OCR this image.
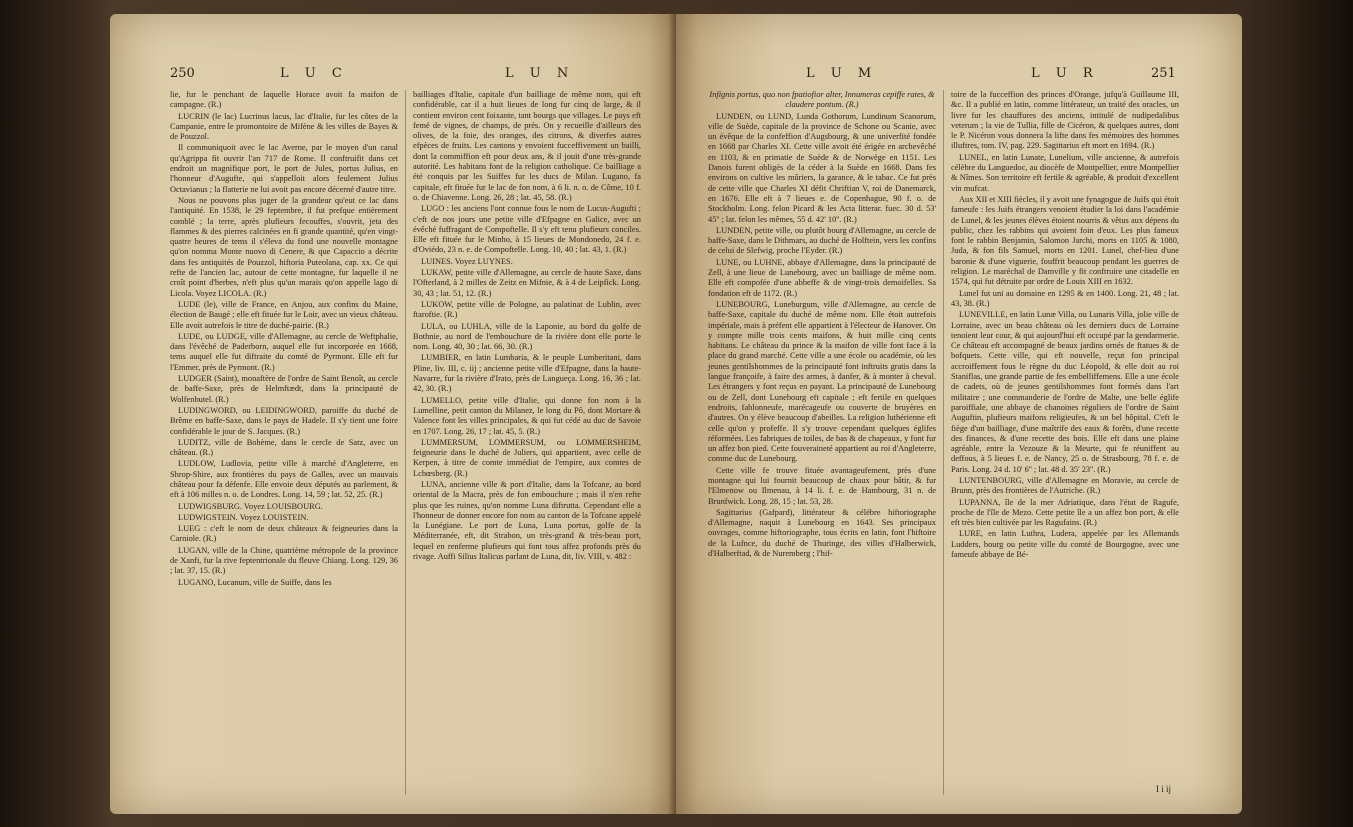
250	L U C	L U N

lie, fur le penchant de laquelle Horace avoit fa maifon de campagne. (R.)

LUCRIN (le lac) Lucrinus lacus, lac d'Italie, fur les côtes de la Campanie, entre le promontoire de Mifène & les villes de Bayes & de Pouzzol.

Il communiquoit avec le lac Averne, par le moyen d'un canal qu'Agrippa fit ouvrir l'an 717 de Rome. Il conftruifit dans cet endroit un magnifique port, le port de Jules, portus Julius, en l'honneur d'Augufte, qui s'appelloit alors feulement Julius Octavianus ; la flatterie ne lui avoit pas encore décerné d'autre titre.

Nous ne pouvons plus juger de la grandeur qu'eut ce lac dans l'antiquité. En 1538, le 29 feptembre, il fut prefque entièrement comblé ; la terre, après plufieurs fecouffes, s'ouvrit, jeta des flammes & des pierres calcinées en fi grande quantité, qu'en vingt-quatre heures de tems il s'éleva du fond une nouvelle montagne qu'on nomma Monte nuovo di Cenere, & que Capaccio a décrite dans fes antiquités de Pouzzol, hiftoria Puteolana, cap. xx. Ce qui refte de l'ancien lac, autour de cette montagne, fur laquelle il ne croît point d'herbes, n'eft plus qu'un marais qu'on appelle lago di Licola. Voyez LICOLA. (R.)

LUDE (le), ville de France, en Anjou, aux confins du Maine, élection de Baugé ; elle eft fituée fur le Loir, avec un vieux château. Elle avoit autrefois le titre de duché-pairie. (R.)

LUDE, ou LUDGE, ville d'Allemagne, au cercle de Weftphalie, dans l'évêché de Paderborn, auquel elle fut incorporée en 1668, tems auquel elle fut diftraite du comté de Pyrmont. Elle eft fur l'Emmer, près de Pyrmont. (R.)

LUDGER (Saint), monaftère de l'ordre de Saint Benoît, au cercle de baffe-Saxe, près de Helmftædt, dans la principauté de Wolfenbutel. (R.)

LUDINGWORD, ou LEIDINGWORD, paroiffe du duché de Brême en baffe-Saxe, dans le pays de Hadele. Il s'y tient une foire confidérable le jour de S. Jacques. (R.)

LUDITZ, ville de Bohème, dans le cercle de Satz, avec un château. (R.)

LUDLOW, Ludlovia, petite ville à marché d'Angleterre, en Shrop-Shire, aux frontières du pays de Galles, avec un mauvais château pour fa défenfe. Elle envoie deux députés au parlement, & eft à 106 milles n. o. de Londres. Long. 14, 59 ; lat. 52, 25. (R.)

LUDWIGSBURG. Voyez LOUISBOURG.

LUDWIGSTEIN. Voyez LOUISTEIN.

LUEG : c'eft le nom de deux châteaux & feigneuries dans la Carniole. (R.)

LUGAN, ville de la Chine, quatrième métropole de la province de Xanfi, fur la rive feptentrionale du fleuve Chiang. Long. 129, 36 ; lat. 37, 15. (R.)

LUGANO, Lucanum, ville de Suiffe, dans les

bailliages d'Italie, capitale d'un bailliage de même nom, qui eft confidérable, car il a huit lieues de long fur cinq de large, & il contient environ cent foixante, tant bourgs que villages. Le pays eft femé de vignes, de champs, de prés. On y recueille d'ailleurs des olives, de la foie, des oranges, des citrons, & diverfes autres efpèces de fruits. Les cantons y envoient fucceffivement un bailli, dont la commiffion eft pour deux ans, & il jouit d'une très-grande autorité. Les habitans font de la religion catholique. Ce bailliage a été conquis par les Suiffes fur les ducs de Milan. Lugano, fa capitale, eft fituée fur le lac de fon nom, à 6 li. n. o. de Côme, 10 f. o. de Chiavenne. Long. 26, 28 ; lat. 45, 58. (R.)

LUGO : les anciens l'ont connue fous le nom de Lucus-Augufti ; c'eft de nos jours une petite ville d'Efpagne en Galice, avec un évêché fuffragant de Compoftelle. Il s'y eft tenu plufieurs conciles. Elle eft fituée fur le Minho, à 15 lieues de Mondonedo, 24 f. e. d'Oviédo, 23 n. e. de Compoftelle. Long. 10, 40 ; lat. 43, 1. (R.)

LUINES. Voyez LUYNES.

LUKAW, petite ville d'Allemagne, au cercle de haute Saxe, dans l'Ofterland, à 2 milles de Zeitz en Mifnie, & à 4 de Leipfick. Long. 30, 43 ; lat. 51, 12. (R.)

LUKOW, petite ville de Pologne, au palatinat de Lublin, avec ftaroftie. (R.)

LULA, ou LUHLA, ville de la Laponie, au bord du golfe de Bothnie, au nord de l'embouchure de la rivière dont elle porte le nom. Long. 40, 30 ; lat. 66, 30. (R.)

LUMBIER, en latin Lumbaria, & le peuple Lumberitani, dans Pline, liv. III, c. iij ; ancienne petite ville d'Efpagne, dans la haute-Navarre, fur la rivière d'Irato, près de Langueça. Long. 16, 36 ; lat. 42, 30. (R.)

LUMELLO, petite ville d'Italie, qui donne fon nom à la Lumelline, petit canton du Milanez, le long du Pô, dont Mortare & Valence font les villes principales, & qui fut cédé au duc de Savoie en 1707. Long. 26, 17 ; lat. 45, 5. (R.)

LUMMERSUM, LOMMERSUM, ou LOMMERSHEIM, feigneurie dans le duché de Juliers, qui appartient, avec celle de Kerpen, à titre de comte immédiat de l'empire, aux comtes de Lchœsberg. (R.)

LUNA, ancienne ville & port d'Italie, dans la Tofcane, au bord oriental de la Macra, près de fon embouchure ; mais il n'en refte plus que les ruines, qu'on nomme Luna diftrutta. Cependant elle a l'honneur de donner encore fon nom au canton de la Tofcane appelé la Lunégiane. Le port de Luna, Luna portus, golfe de la Méditerranée, eft, dit Strabon, un très-grand & très-beau port, lequel en renferme plufieurs qui font tous affez profonds près du rivage. Auffi Silius Italicus parlant de Luna, dit, liv. VIII, v. 482 :

L U M	L U R	251

Infignis portus, quo non fpatiofior alter, Innumeras cepiffe rates, & claudere pontum. (R.)

LUNDEN, ou LUND, Lunda Gothorum, Lundinum Scanorum, ville de Suède, capitale de la province de Schone ou Scanie, avec un évêque de la confeffion d'Augsbourg, & une univerfité fondée en 1668 par Charles XI. Cette ville avoit été érigée en archevêché en 1103, & en primatie de Suède & de Norwège en 1151. Les Danois furent obligés de la céder à la Suède en 1668. Dans fes environs on cultive les mûriers, la garance, & le tabac. Ce fut près de cette ville que Charles XI défit Chriftian V, roi de Danemarck, en 1676. Elle eft à 7 lieues e. de Copenhague, 90 f. o. de Stockholm. Long. felon Picard & les Acta litterar. fuec. 30 d. 53' 45'' ; lat. felon les mêmes, 55 d. 42' 10''. (R.)

LUNDEN, petite ville, ou plutôt bourg d'Allemagne, au cercle de baffe-Saxe, dans le Dithmars, au duché de Holftein, vers les confins de celui de Slefwig, proche l'Eyder. (R.)

LUNE, ou LUHNE, abbaye d'Allemagne, dans la principauté de Zell, à une lieue de Lunebourg, avec un bailliage de même nom. Elle eft compofée d'une abbeffe & de vingt-trois demoifelles. Sa fondation eft de 1172. (R.)

LUNEBOURG, Luneburgum, ville d'Allemagne, au cercle de baffe-Saxe, capitale du duché de même nom. Elle étoit autrefois impériale, mais à préfent elle appartient à l'électeur de Hanover. On y compte mille trois cents maifons, & huit mille cinq cents habitans. Le château du prince & la maifon de ville font face à la place du grand marché. Cette ville a une école ou académie, où les jeunes gentilshommes de la principauté font inftruits gratis dans la langue françoife, à faire des armes, à danfer, & à monter à cheval. Les étrangers y font reçus en payant. La principauté de Lunebourg ou de Zell, dont Lunebourg eft capitale ; eft fertile en quelques endroits, fablonneufe, marécageufe ou couverte de bruyères en d'autres. On y élève beaucoup d'abeilles. La religion luthérienne eft celle qu'on y profeffe. Il s'y trouve cependant quelques églifes réformées. Les fabriques de toiles, de bas & de chapeaux, y font fur un affez bon pied. Cette fouveraineté appartient au roi d'Angleterre, comme duc de Lunebourg.

Cette ville fe trouve fituée avantageufement, près d'une montagne qui lui fournit beaucoup de chaux pour bâtir, & fur l'Elmenow ou Ilmenau, à 14 li. f. e. de Hambourg, 31 n. de Brunfwick. Long. 28, 15 ; lat. 53, 28.

Sagittarius (Gafpard), littérateur & célèbre hiftoriographe d'Allemagne, naquit à Lunebourg en 1643. Ses principaux ouvrages, comme hiftoriographe, tous écrits en latin, font l'hiftoire de la Lufnce, du duché de Thuringe, des villes d'Halberwick, d'Halberftad, & de Nuremberg ; l'hif-

toire de la fucceffion des princes d'Orange, jufqu'à Guillaume III, &c. Il a publié en latin, comme littérateur, un traité des oracles, un livre fur les chauffures des anciens, intitulé de nudipedalibus veterum ; la vie de Tullia, fille de Cicéron, & quelques autres, dont le P. Nicéron vous donnera la lifte dans fes mémoires des hommes illuftres, tom. IV, pag. 229. Sagittarius eft mort en 1694. (R.)

LUNEL, en latin Lunate, Lunelium, ville ancienne, & autrefois célèbre du Languedoc, au diocèfe de Montpellier, entre Montpellier & Nîmes. Son territoire eft fertile & agréable, & produit d'excellent vin mufcat.

Aux XII et XIII fiècles, il y avoit une fynagogue de Juifs qui étoit fameufe : les Juifs étrangers venoient étudier la loi dans l'académie de Lunel, & les jeunes élèves étoient nourris & vêtus aux dépens du public, chez les rabbins qui avoient foin d'eux. Les plus fameux font le rabbin Benjamin, Salomon Jarchi, morts en 1105 & 1080, Juda, & fon fils Samuel, morts en 1201. Lunel, chef-lieu d'une baronie & d'une viguerie, fouffrit beaucoup pendant les guerres de religion. Le maréchal de Damville y fit conftruire une citadelle en 1574, qui fut détruite par ordre de Louis XIII en 1632.

Lunel fut uni au domaine en 1295 & en 1400. Long. 21, 48 ; lat. 43, 38. (R.)

LUNEVILLE, en latin Lunæ Villa, ou Lunaris Villa, jolie ville de Lorraine, avec un beau château où les derniers ducs de Lorraine tenoient leur cour, & qui aujourd'hui eft occupé par la gendarmerie. Ce château eft accompagné de beaux jardins ornés de ftatues & de bofquets. Cette ville, qui eft nouvelle, reçut fon principal accroiffement fous le règne du duc Léopold, & elle doit au roi Staniflas, une grande partie de fes embelliffemens. Elle a une école de cadets, où de jeunes gentilshommes font formés dans l'art militaire ; une commanderie de l'ordre de Malte, une belle églife paroiffiale, une abbaye de chanoines réguliers de l'ordre de Saint Auguftin, plufieurs maifons religieufes, & un bel hôpital. C'eft le fiège d'un bailliage, d'une maîtrife des eaux & forêts, d'une recette des finances, & d'une recette des bois. Elle eft dans une plaine agréable, entre la Vezouze & la Meurte, qui fe réuniffent au deffous, à 5 lieues f. e. de Nancy, 25 o. de Strasbourg, 78 f. e. de Paris. Long. 24 d. 10' 6'' ; lat. 48 d. 35' 23''. (R.)

LUNTENBOURG, ville d'Allemagne en Moravie, au cercle de Brunn, près des frontières de l'Autriche. (R.)

LUPANNA, île de la mer Adriatique, dans l'état de Ragufe, proche de l'île de Mezo. Cette petite île a un affez bon port, & elle eft très bien cultivée par les Ragufains. (R.)

LURE, en latin Luthra, Ludera, appelée par les Allemands Ludders, bourg ou petite ville du comté de Bourgogne, avec une fameufe abbaye de Bé-

I i ij
